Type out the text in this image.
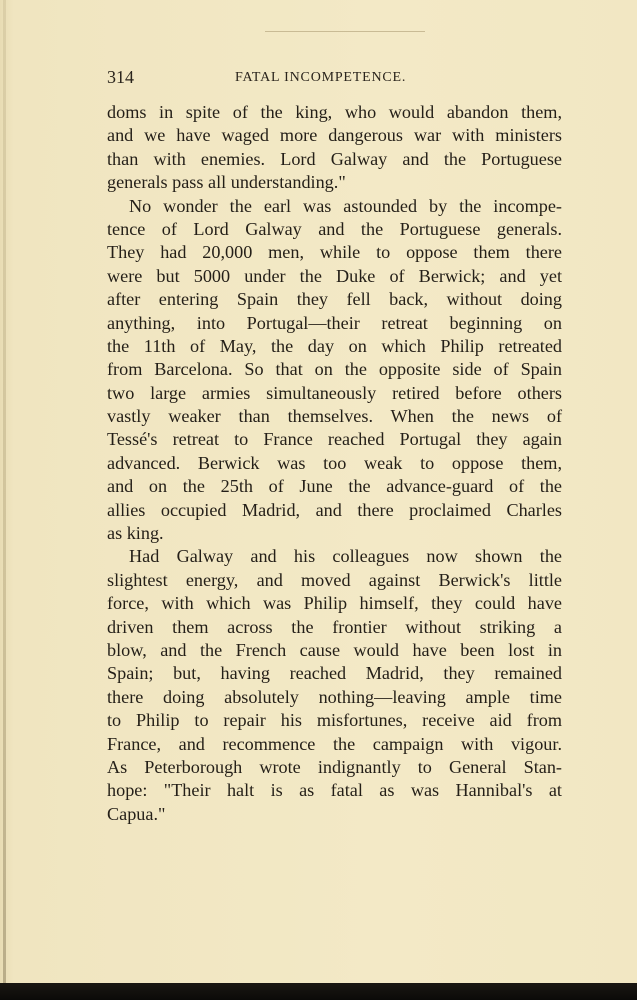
314	FATAL INCOMPETENCE.
doms in spite of the king, who would abandon them,
and we have waged more dangerous war with ministers
than with enemies. Lord Galway and the Portuguese
generals pass all understanding."
No wonder the earl was astounded by the incompe-
tence of Lord Galway and the Portuguese generals.
They had 20,000 men, while to oppose them there
were but 5000 under the Duke of Berwick; and yet
after entering Spain they fell back, without doing
anything, into Portugal—their retreat beginning on
the 11th of May, the day on which Philip retreated
from Barcelona. So that on the opposite side of Spain
two large armies simultaneously retired before others
vastly weaker than themselves. When the news of
Tessé's retreat to France reached Portugal they again
advanced. Berwick was too weak to oppose them,
and on the 25th of June the advance-guard of the
allies occupied Madrid, and there proclaimed Charles
as king.
Had Galway and his colleagues now shown the
slightest energy, and moved against Berwick's little
force, with which was Philip himself, they could have
driven them across the frontier without striking a
blow, and the French cause would have been lost in
Spain; but, having reached Madrid, they remained
there doing absolutely nothing—leaving ample time
to Philip to repair his misfortunes, receive aid from
France, and recommence the campaign with vigour.
As Peterborough wrote indignantly to General Stan-
hope: "Their halt is as fatal as was Hannibal's at
Capua."
